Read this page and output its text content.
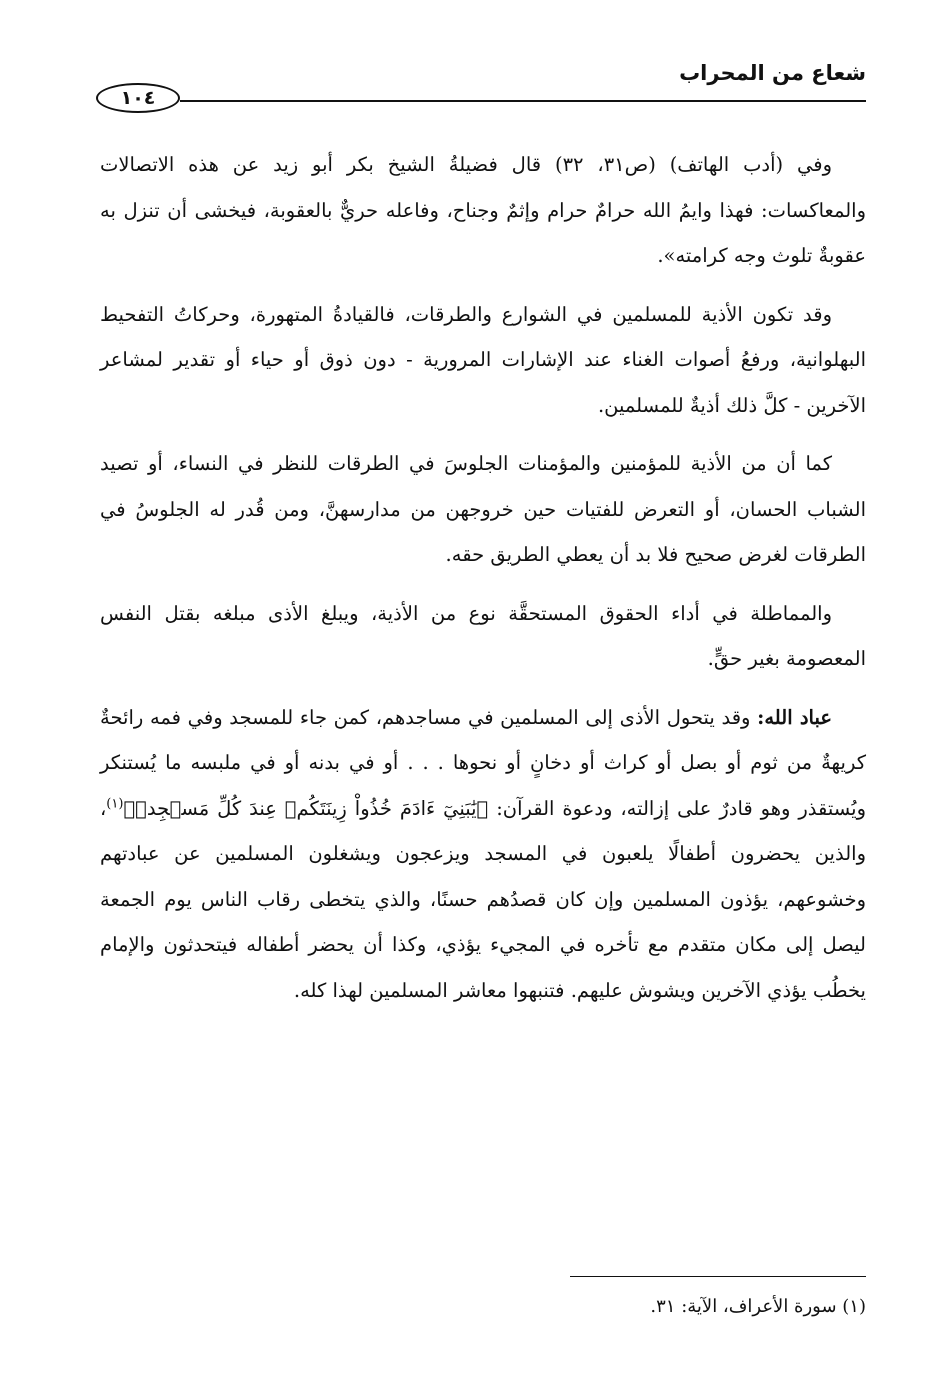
شعاع من المحراب
١٠٤

وفي (أدب الهاتف) (ص٣١، ٣٢) قال فضيلةُ الشيخ بكر أبو زيد عن هذه الاتصالات والمعاكسات: فهذا وايمُ الله حرامٌ حرام وإثمٌ وجناح، وفاعله حريٌّ بالعقوبة، فيخشى أن تنزل به عقوبةٌ تلوث وجه كرامته».

وقد تكون الأذية للمسلمين في الشوارع والطرقات، فالقيادةُ المتهورة، وحركاتُ التفحيط البهلوانية، ورفعُ أصوات الغناء عند الإشارات المرورية - دون ذوق أو حياء أو تقدير لمشاعر الآخرين - كلَّ ذلك أذيةٌ للمسلمين.

كما أن من الأذية للمؤمنين والمؤمنات الجلوسَ في الطرقات للنظر في النساء، أو تصيد الشباب الحسان، أو التعرض للفتيات حين خروجهن من مدارسهنَّ، ومن قُدر له الجلوسُ في الطرقات لغرض صحيح فلا بد أن يعطي الطريق حقه.

والمماطلة في أداء الحقوق المستحقَّة نوع من الأذية، ويبلغ الأذى مبلغه بقتل النفس المعصومة بغير حقٍّ.

عباد الله: وقد يتحول الأذى إلى المسلمين في مساجدهم، كمن جاء للمسجد وفي فمه رائحةٌ كريهةٌ من ثوم أو بصل أو كراث أو دخانٍ أو نحوها . . . أو في بدنه أو في ملبسه ما يُستنكر ويُستقذر وهو قادرٌ على إزالته، ودعوة القرآن: ﴿يَٰبَنِيٓ ءَادَمَ خُذُواْ زِينَتَكُمۡ عِندَ كُلِّ مَسۡجِدٖ﴾$^{(١)}$، والذين يحضرون أطفالًا يلعبون في المسجد ويزعجون ويشغلون المسلمين عن عبادتهم وخشوعهم، يؤذون المسلمين وإن كان قصدُهم حسنًا، والذي يتخطى رقاب الناس يوم الجمعة ليصل إلى مكان متقدم مع تأخره في المجيء يؤذي، وكذا أن يحضر أطفاله فيتحدثون والإمام يخطُب يؤذي الآخرين ويشوش عليهم. فتنبهوا معاشر المسلمين لهذا كله.

(١) سورة الأعراف، الآية: ٣١.
